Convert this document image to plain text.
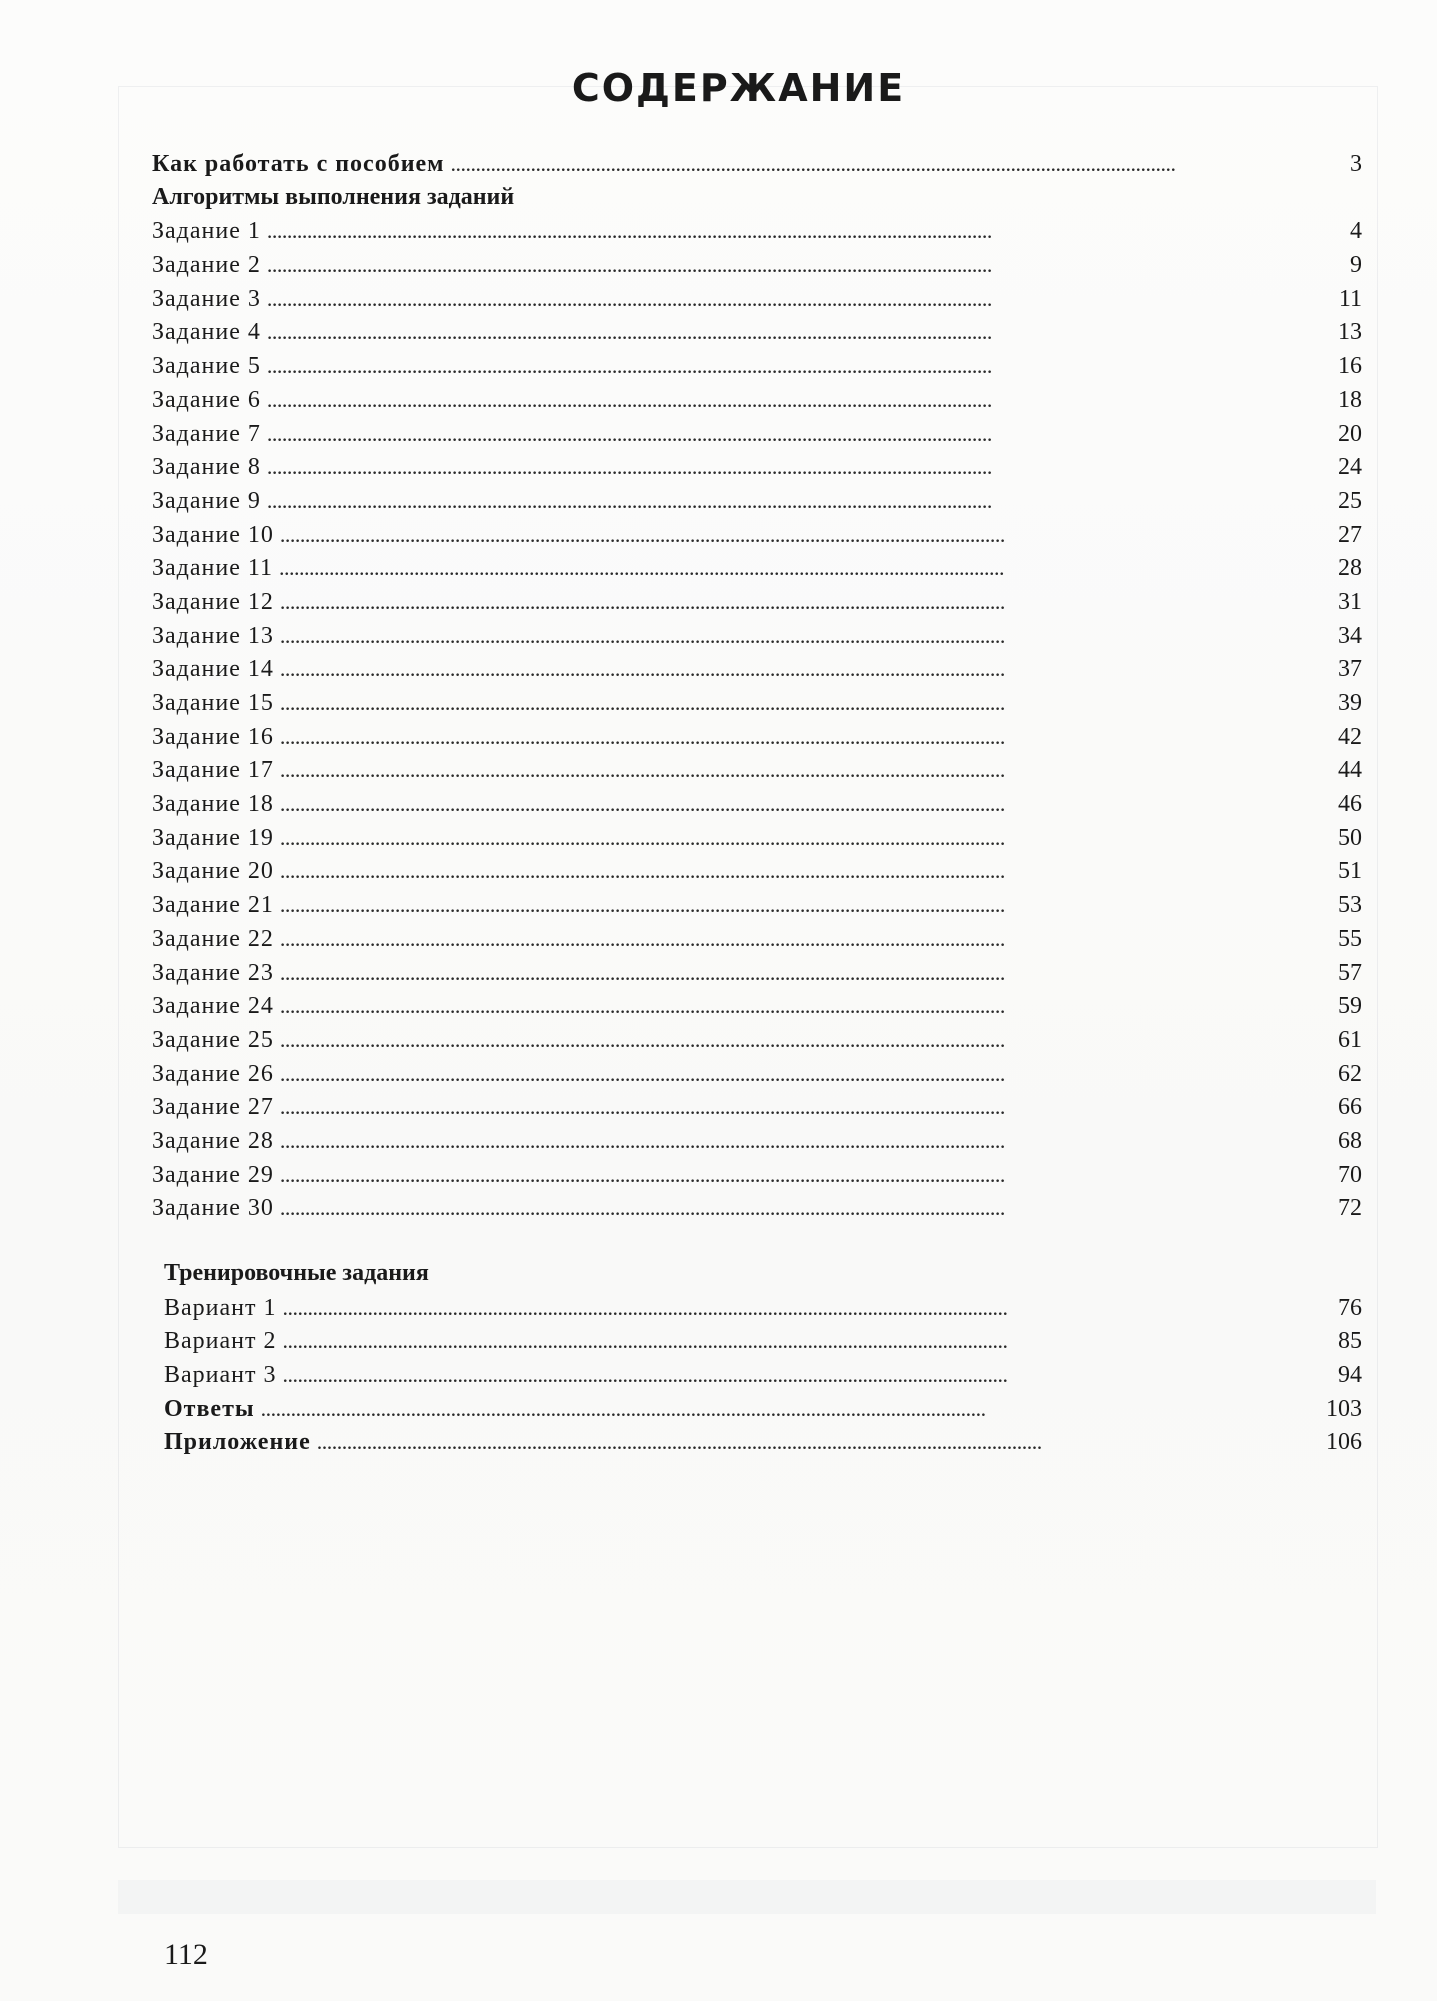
СОДЕРЖАНИЕ
Как работать с пособием . . .	3
Алгоритмы выполнения заданий
Задание 1 . . .	4
Задание 2 . . .	9
Задание 3 . . .	11
Задание 4 . . .	13
Задание 5 . . .	16
Задание 6 . . .	18
Задание 7 . . .	20
Задание 8 . . .	24
Задание 9 . . .	25
Задание 10 . . .	27
Задание 11 . . .	28
Задание 12 . . .	31
Задание 13 . . .	34
Задание 14 . . .	37
Задание 15 . . .	39
Задание 16 . . .	42
Задание 17 . . .	44
Задание 18 . . .	46
Задание 19 . . .	50
Задание 20 . . .	51
Задание 21 . . .	53
Задание 22 . . .	55
Задание 23 . . .	57
Задание 24 . . .	59
Задание 25 . . .	61
Задание 26 . . .	62
Задание 27 . . .	66
Задание 28 . . .	68
Задание 29 . . .	70
Задание 30 . . .	72
Тренировочные задания
Вариант 1 . . .	76
Вариант 2 . . .	85
Вариант 3 . . .	94
Ответы . . .	103
Приложение . . .	106
112
